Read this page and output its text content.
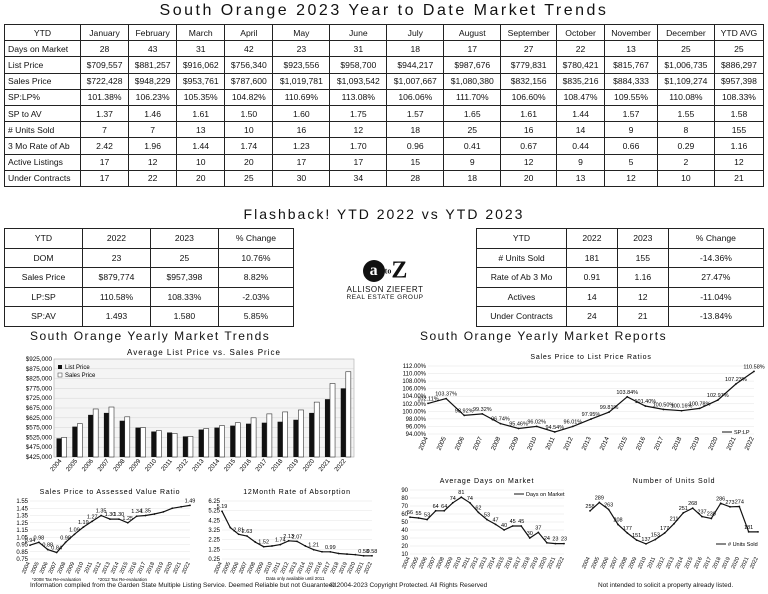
South Orange 2023 Year to Date Market Trends
YTD	January	February	March	April	May	June	July	August	September	October	November	December	YTD AVG
Days on Market	28	43	31	42	23	31	18	17	27	22	13	25	25
List Price	$709,557	$881,257	$916,062	$756,340	$923,556	$958,700	$944,217	$987,676	$779,831	$780,421	$815,767	$1,006,735	$886,297
Sales Price	$722,428	$948,229	$953,761	$787,600	$1,019,781	$1,093,542	$1,007,667	$1,080,380	$832,156	$835,216	$884,333	$1,109,274	$957,398
SP:LP%	101.38%	106.23%	105.35%	104.82%	110.69%	113.08%	106.06%	111.70%	106.60%	108.47%	109.55%	110.08%	108.33%
SP to AV	1.37	1.46	1.61	1.50	1.60	1.75	1.57	1.65	1.61	1.44	1.57	1.55	1.58
# Units Sold	7	7	13	10	16	12	18	25	16	14	9	8	155
3 Mo Rate of Ab	2.42	1.96	1.44	1.74	1.23	1.70	0.96	0.41	0.67	0.44	0.66	0.29	1.16
Active Listings	17	12	10	20	17	17	15	9	12	9	5	2	12
Under Contracts	17	22	20	25	30	34	28	18	20	13	12	10	21
Flashback! YTD 2022 vs YTD 2023
YTD	2022	2023	% Change
DOM	23	25	10.76%
Sales Price	$879,774	$957,398	8.82%
LP:SP	110.58%	108.33%	-2.03%
SP:AV	1.493	1.580	5.85%
YTD	2022	2023	% Change
# Units Sold	181	155	-14.36%
Rate of Ab 3 Mo	0.91	1.16	27.47%
Actives	14	12	-11.04%
Under Contracts	24	21	-13.84%
a toZ
ALLISON ZIEFERT
REAL ESTATE GROUP
South Orange Yearly Market Trends	South Orange Yearly Market Reports
Average List Price vs. Sales Price
$925,000
$875,000
$825,000
$775,000
$725,000
$675,000
$625,000
$575,000
$525,000
$475,000
$425,000
2004 2005 2006 2007 2008 2009 2010 2011 2012 2013 2014 2015 2016 2017 2018 2019 2020 2021 2022
List Price
Sales Price
Sales Price to List Price Ratios
112.00%
110.00%
108.00%
106.00%
104.00%
102.00%
100.00%
98.00%
96.00%
94.00%
102.11%
103.37%
98.92% 99.32%
96.74%
95.46% 96.02%
94.54%
96.01%
97.95%
99.81%
103.84%
101.40%
100.50%
100.16%
100.78%
102.97%
107.23%
110.58%
2004 2005 2006 2007 2008 2009 2010 2011 2012 2013 2014 2015 2016 2017 2018 2019 2020 2021 2022
SP:LP
Sales Price to Assessed Value Ratio
1.55
1.45
1.35
1.25
1.15
1.05
0.95
0.85
0.75
0.94
0.98
0.88
0.84
0.98
1.09
1.19
1.27
1.35
1.30
1.30
1.25
1.34
1.35
1.49
2004
2005
2006
2007
2008
2009
2010
2011
2012
2013
2014
2015
2016
2017
2018
2019
2020
2021
2022
*2008 Tax Re-evaluation	*2012 Tax Re-evaluation
12Month Rate of Absorption
6.25
5.25
4.25
3.25
2.25
1.25
0.25
5.19
2.81
2.63
1.52 1.74
2.13
2.07
1.21 0.99
0.58
0.58
2004
2005
2006
2007
2008
2009
2010
2011
2012
2013
2014
2015
2016
2017
2018
2019
2020
2021
2022
Data only available until 2011
Average Days on Market
90
80
70
60
50
40
30
20
10
56 55 53
64 64
74
81
74
62
53
47
40
45 45
30
37
24 23 23
2004
2005
2006
2007
2008
2009
2010
2011
2012
2013
2014
2015
2016
2017
2018
2019
2020
2021
2022
Days on Market
Number of Units Sold
258
289
263
208
177
151
137
153
177
211
251
268
237 230
286
273 274
181
2004
2005
2006
2007
2008
2009
2010
2011
2012
2013
2014
2015
2016
2017
2018
2019
2020
2021
2022
# Units Sold
Information compiled from the Garden State Multiple Listing Service. Deemed Reliable but not Guaranteed.
© 2004-2023 Copyright Protected. All Rights Reserved	Not intended to solicit a property already listed.
